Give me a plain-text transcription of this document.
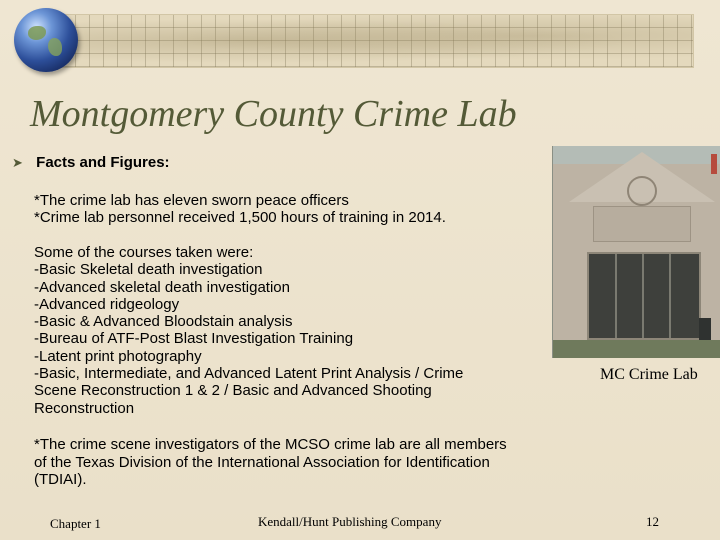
Montgomery County Crime Lab
➤ Facts and Figures:
*The crime lab has eleven sworn peace officers
*Crime lab personnel received 1,500 hours of training in 2014.
Some of the courses taken were:
-Basic Skeletal death investigation
-Advanced skeletal death investigation
-Advanced ridgeology
-Basic & Advanced Bloodstain analysis
-Bureau of ATF-Post Blast Investigation Training
-Latent print photography
-Basic, Intermediate, and Advanced Latent Print Analysis / Crime
Scene Reconstruction 1 & 2 / Basic and Advanced Shooting
Reconstruction
*The crime scene investigators of the MCSO crime lab are all members
of the Texas Division of the International Association for Identification
(TDIAI).
MC Crime Lab
Chapter 1	Kendall/Hunt Publishing Company	12
